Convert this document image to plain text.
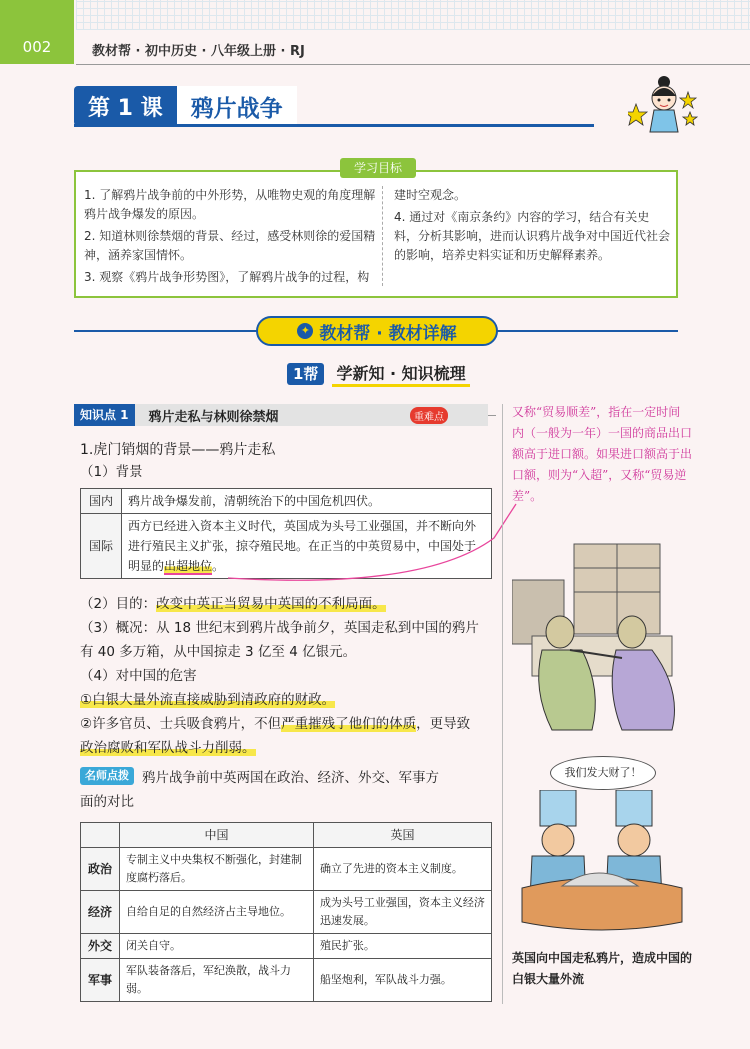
002	教材帮 · 初中历史 · 八年级上册 · RJ
第 1 课	鸦片战争

1. 了解鸦片战争前的中外形势，从唯物史观的角度理解鸦片战争爆发的原因。

2. 知道林则徐禁烟的背景、经过，感受林则徐的爱国精神，涵养家国情怀。

3. 观察《鸦片战争形势图》，了解鸦片战争的过程，构

建时空观念。

4. 通过对《南京条约》内容的学习，结合有关史料，分析其影响，进而认识鸦片战争对中国近代社会的影响，培养史料实证和历史解释素养。

学习目标
✦ 教材帮 · 教材详解
1帮	学新知 · 知识梳理
知识点 1	鸦片走私与林则徐禁烟	重难点
1.虎门销烟的背景——鸦片走私
（1）背景
国内	鸦片战争爆发前，清朝统治下的中国危机四伏。
国际	西方已经进入资本主义时代，英国成为头号工业强国，并不断向外进行殖民主义扩张，掠夺殖民地。在正当的中英贸易中，中国处于明显的出超地位。
（2）目的：改变中英正当贸易中英国的不利局面。
（3）概况：从 18 世纪末到鸦片战争前夕，英国走私到中国的鸦片
有 40 多万箱，从中国掠走 3 亿至 4 亿银元。
（4）对中国的危害
①白银大量外流直接威胁到清政府的财政。
②许多官员、士兵吸食鸦片，不但严重摧残了他们的体质，更导致
政治腐败和军队战斗力削弱。
名师点拨 鸦片战争前中英两国在政治、经济、外交、军事方
面的对比
	中国	英国
政治	专制主义中央集权不断强化，封建制度腐朽落后。	确立了先进的资本主义制度。
经济	自给自足的自然经济占主导地位。	成为头号工业强国，资本主义经济迅速发展。
外交	闭关自守。	殖民扩张。
军事	军队装备落后，军纪涣散，战斗力弱。	船坚炮利，军队战斗力强。
又称“贸易顺差”，指在一定时间内（一般为一年）一国的商品出口额高于进口额。如果进口额高于出口额，则为“入超”，又称“贸易逆差”。
我们发大财了！
英国向中国走私鸦片，造成中国的白银大量外流
